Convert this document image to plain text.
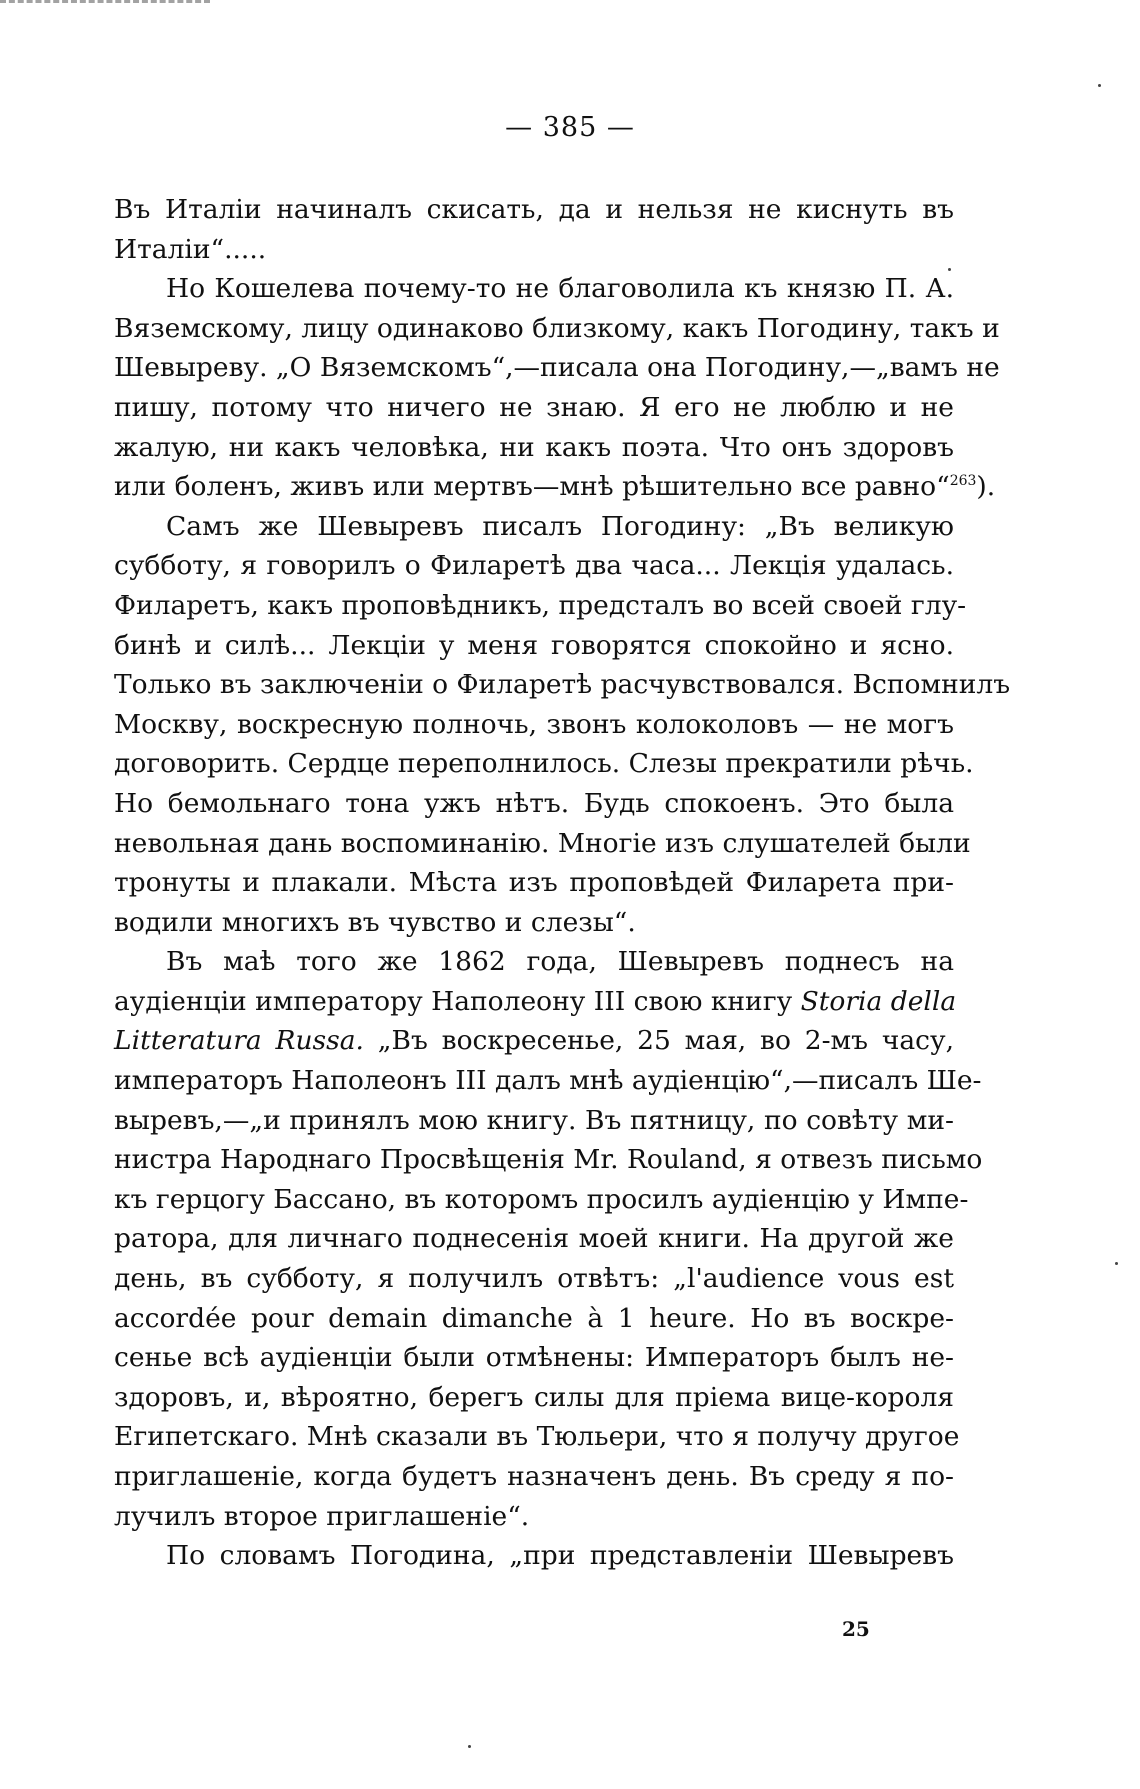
— 385 —
Въ Италіи начиналъ скисать, да и нельзя не киснуть въ
Италіи“.....
Но Кошелева почему-то не благоволила къ князю П. А.
Вяземскому, лицу одинаково близкому, какъ Погодину, такъ и
Шевыреву. „О Вяземскомъ“,—писала она Погодину,—„вамъ не
пишу, потому что ничего не знаю. Я его не люблю и не
жалую, ни какъ человѣка, ни какъ поэта. Что онъ здоровъ
или боленъ, живъ или мертвъ—мнѣ рѣшительно все равно“$^{263}$).
Самъ же Шевыревъ писалъ Погодину: „Въ великую
субботу, я говорилъ о Филаретѣ два часа... Лекція удалась.
Филаретъ, какъ проповѣдникъ, предсталъ во всей своей глу-
бинѣ и силѣ... Лекціи у меня говорятся спокойно и ясно.
Только въ заключеніи о Филаретѣ расчувствовался. Вспомнилъ
Москву, воскресную полночь, звонъ колоколовъ — не могъ
договорить. Сердце переполнилось. Слезы прекратили рѣчь.
Но бемольнаго тона ужъ нѣтъ. Будь спокоенъ. Это была
невольная дань воспоминанію. Многіе изъ слушателей были
тронуты и плакали. Мѣста изъ проповѣдей Филарета при-
водили многихъ въ чувство и слезы“.
Въ маѣ того же 1862 года, Шевыревъ поднесъ на
аудіенціи императору Наполеону III свою книгу Storia della
Litteratura Russa. „Въ воскресенье, 25 мая, во 2-мъ часу,
императоръ Наполеонъ III далъ мнѣ аудіенцію“,—писалъ Ше-
выревъ,—„и принялъ мою книгу. Въ пятницу, по совѣту ми-
нистра Народнаго Просвѣщенія Mr. Rouland, я отвезъ письмо
къ герцогу Бассано, въ которомъ просилъ аудіенцію у Импе-
ратора, для личнаго поднесенія моей книги. На другой же
день, въ субботу, я получилъ отвѣтъ: „l'audience vous est
accordée pour demain dimanche à 1 heure. Но въ воскре-
сенье всѣ аудіенціи были отмѣнены: Императоръ былъ не-
здоровъ, и, вѣроятно, берегъ силы для пріема вице-короля
Египетскаго. Мнѣ сказали въ Тюльери, что я получу другое
приглашеніе, когда будетъ назначенъ день. Въ среду я по-
лучилъ второе приглашеніе“.
По словамъ Погодина, „при представленіи Шевыревъ
25
